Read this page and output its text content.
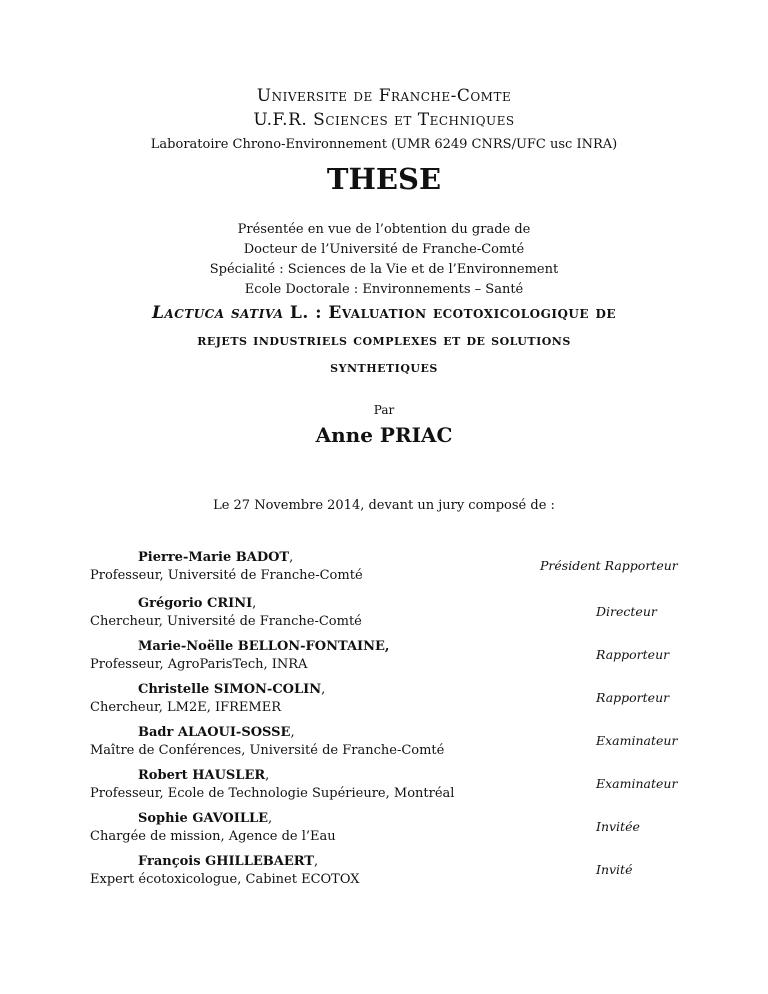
Universite de Franche-Comte
U.F.R. Sciences et Techniques
Laboratoire Chrono-Environnement (UMR 6249 CNRS/UFC usc INRA)
THESE
Présentée en vue de l’obtention du grade de
Docteur de l’Université de Franche-Comté
Spécialité : Sciences de la Vie et de l’Environnement
Ecole Doctorale : Environnements – Santé
Lactuca sativa L. : Evaluation ecotoxicologique de
rejets industriels complexes et de solutions
synthetiques
Par
Anne PRIAC
Le 27 Novembre 2014, devant un jury composé de :
Pierre-Marie BADOT,
Professeur, Université de Franche-Comté
Président Rapporteur
Grégorio CRINI,
Chercheur, Université de Franche-Comté
Directeur
Marie-Noëlle BELLON-FONTAINE,
Professeur, AgroParisTech, INRA
Rapporteur
Christelle SIMON-COLIN,
Chercheur, LM2E, IFREMER
Rapporteur
Badr ALAOUI-SOSSE,
Maître de Conférences, Université de Franche-Comté
Examinateur
Robert HAUSLER,
Professeur, Ecole de Technologie Supérieure, Montréal
Examinateur
Sophie GAVOILLE,
Chargée de mission, Agence de l’Eau
Invitée
François GHILLEBAERT,
Expert écotoxicologue, Cabinet ECOTOX
Invité
